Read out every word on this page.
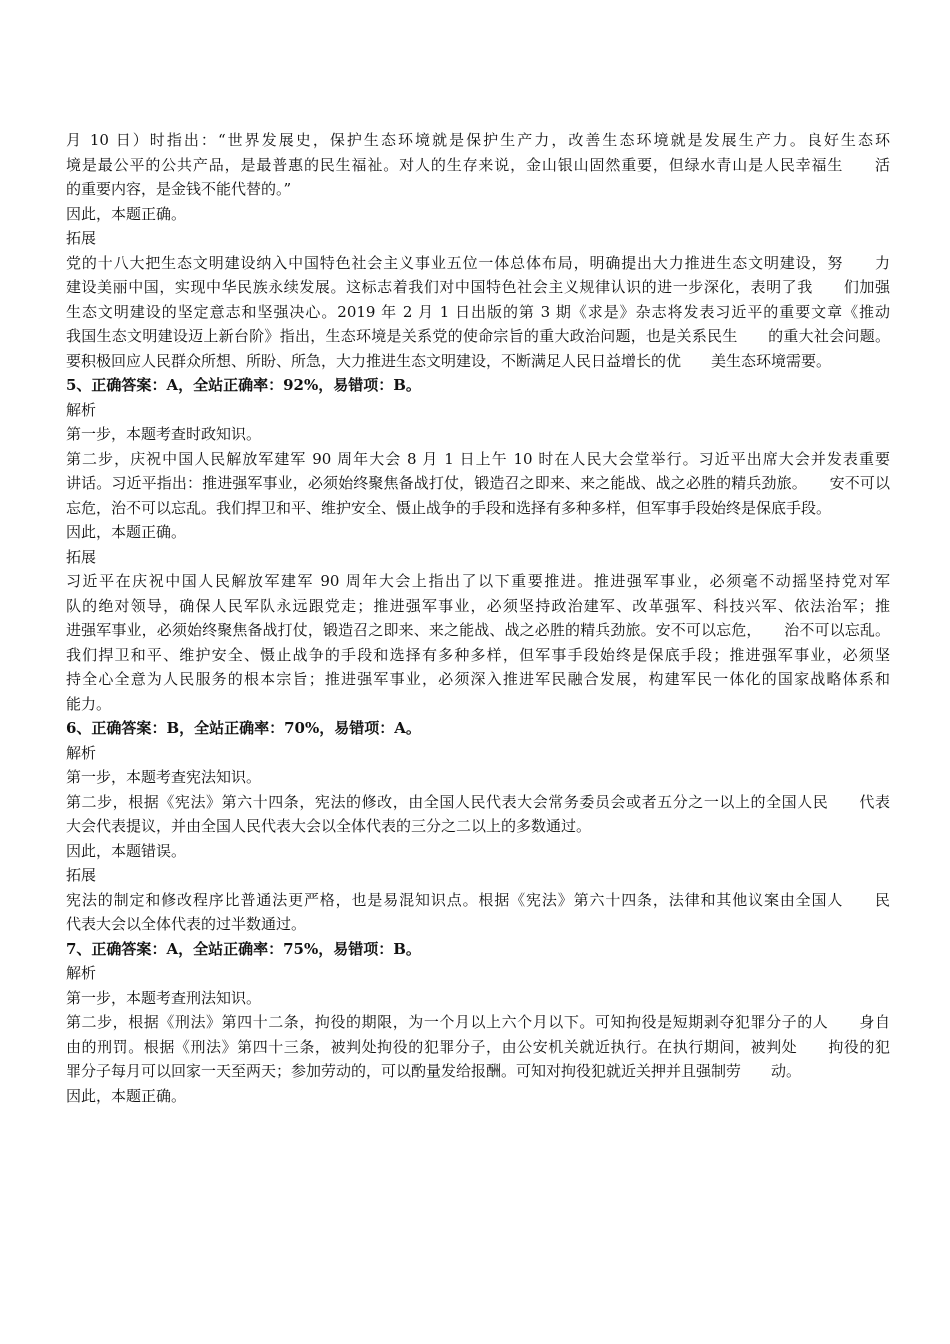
月 10 日）时指出：“世界发展史，保护生态环境就是保护生产力，改善生态环境就是发展生产力。良好生态环
境是最公平的公共产品，是最普惠的民生福祉。对人的生存来说，金山银山固然重要，但绿水青山是人民幸福生　　活
的重要内容，是金钱不能代替的。”
因此，本题正确。
拓展
党的十八大把生态文明建设纳入中国特色社会主义事业五位一体总体布局，明确提出大力推进生态文明建设，努　　力
建设美丽中国，实现中华民族永续发展。这标志着我们对中国特色社会主义规律认识的进一步深化，表明了我　　们加强
生态文明建设的坚定意志和坚强决心。2019 年 2 月 1 日出版的第 3 期《求是》杂志将发表习近平的重要文章《推动
我国生态文明建设迈上新台阶》指出，生态环境是关系党的使命宗旨的重大政治问题，也是关系民生　　的重大社会问题。
要积极回应人民群众所想、所盼、所急，大力推进生态文明建设，不断满足人民日益增长的优　　美生态环境需要。
5、正确答案：A，全站正确率：92%，易错项：B。
解析
第一步，本题考查时政知识。
第二步，庆祝中国人民解放军建军 90 周年大会 8 月 1 日上午 10 时在人民大会堂举行。习近平出席大会并发表重要
讲话。习近平指出：推进强军事业，必须始终聚焦备战打仗，锻造召之即来、来之能战、战之必胜的精兵劲旅。　　安不可以
忘危，治不可以忘乱。我们捍卫和平、维护安全、慑止战争的手段和选择有多种多样，但军事手段始终是保底手段。
因此，本题正确。
拓展
习近平在庆祝中国人民解放军建军 90 周年大会上指出了以下重要推进。推进强军事业，必须毫不动摇坚持党对军
队的绝对领导，确保人民军队永远跟党走；推进强军事业，必须坚持政治建军、改革强军、科技兴军、依法治军；推
进强军事业，必须始终聚焦备战打仗，锻造召之即来、来之能战、战之必胜的精兵劲旅。安不可以忘危，　　治不可以忘乱。
我们捍卫和平、维护安全、慑止战争的手段和选择有多种多样，但军事手段始终是保底手段；推进强军事业，必须坚
持全心全意为人民服务的根本宗旨；推进强军事业，必须深入推进军民融合发展，构建军民一体化的国家战略体系和
能力。
6、正确答案：B，全站正确率：70%，易错项：A。
解析
第一步，本题考查宪法知识。
第二步，根据《宪法》第六十四条，宪法的修改，由全国人民代表大会常务委员会或者五分之一以上的全国人民　　代表
大会代表提议，并由全国人民代表大会以全体代表的三分之二以上的多数通过。
因此，本题错误。
拓展
宪法的制定和修改程序比普通法更严格，也是易混知识点。根据《宪法》第六十四条，法律和其他议案由全国人　　民
代表大会以全体代表的过半数通过。
7、正确答案：A，全站正确率：75%，易错项：B。
解析
第一步，本题考查刑法知识。
第二步，根据《刑法》第四十二条，拘役的期限，为一个月以上六个月以下。可知拘役是短期剥夺犯罪分子的人　　身自
由的刑罚。根据《刑法》第四十三条，被判处拘役的犯罪分子，由公安机关就近执行。在执行期间，被判处　　拘役的犯
罪分子每月可以回家一天至两天；参加劳动的，可以酌量发给报酬。可知对拘役犯就近关押并且强制劳　　动。
因此，本题正确。
